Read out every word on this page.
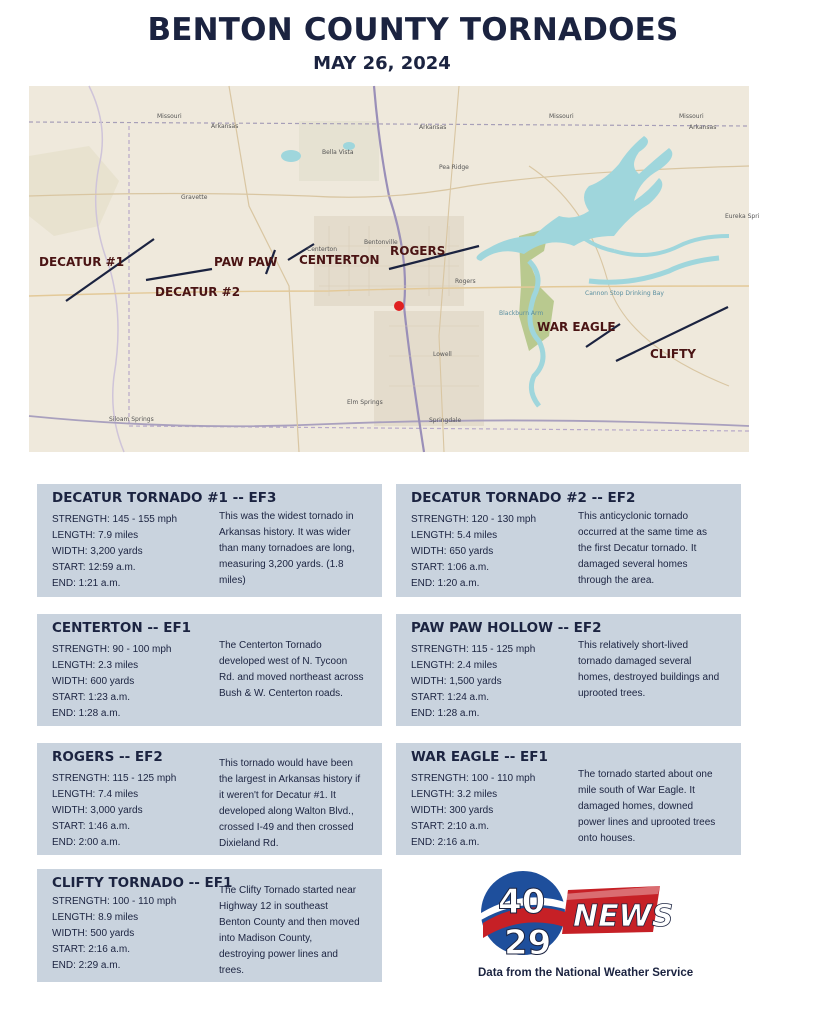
BENTON COUNTY TORNADOES
MAY 26, 2024
Missouri	Missouri	Missouri
Arkansas	Arkansas	Arkansas
Bella Vista
Pea Ridge
Gravette
Bentonville
Centerton
Rogers
Lowell
Elm Springs
Springdale
Siloam Springs
Eureka Spri
Cannon Stop Drinking Bay
Blackburn Arm
DECATUR #1
DECATUR #2
PAW PAW CENTERTON
ROGERS
WAR EAGLE
CLIFTY
DECATUR TORNADO #1 -- EF3
STRENGTH: 145 - 155 mph
LENGTH: 7.9 miles
WIDTH: 3,200 yards
START: 12:59 a.m.
END: 1:21 a.m.
This was the widest tornado in
Arkansas history. It was wider
than many tornadoes are long,
measuring 3,200 yards. (1.8
miles)
DECATUR TORNADO #2 -- EF2
STRENGTH: 120 - 130 mph
LENGTH: 5.4 miles
WIDTH: 650 yards
START: 1:06 a.m.
END: 1:20 a.m.
This anticyclonic tornado
occurred at the same time as
the first Decatur tornado. It
damaged several homes
through the area.
CENTERTON -- EF1
STRENGTH: 90 - 100 mph
LENGTH: 2.3 miles
WIDTH: 600 yards
START: 1:23 a.m.
END: 1:28 a.m.
The Centerton Tornado
developed west of N. Tycoon
Rd. and moved northeast across
Bush & W. Centerton roads.
PAW PAW HOLLOW -- EF2
STRENGTH: 115 - 125 mph
LENGTH: 2.4 miles
WIDTH: 1,500 yards
START: 1:24 a.m.
END: 1:28 a.m.
This relatively short-lived
tornado damaged several
homes, destroyed buildings and
uprooted trees.
ROGERS -- EF2
STRENGTH: 115 - 125 mph
LENGTH: 7.4 miles
WIDTH: 3,000 yards
START: 1:46 a.m.
END: 2:00 a.m.
This tornado would have been
the largest in Arkansas history if
it weren't for Decatur #1. It
developed along Walton Blvd.,
crossed I-49 and then crossed
Dixieland Rd.
WAR EAGLE -- EF1
STRENGTH: 100 - 110 mph
LENGTH: 3.2 miles
WIDTH: 300 yards
START: 2:10 a.m.
END: 2:16 a.m.
The tornado started about one
mile south of War Eagle. It
damaged homes, downed
power lines and uprooted trees
onto houses.
CLIFTY TORNADO -- EF1
STRENGTH: 100 - 110 mph
LENGTH: 8.9 miles
WIDTH: 500 yards
START: 2:16 a.m.
END: 2:29 a.m.
The Clifty Tornado started near
Highway 12 in southeast
Benton County and then moved
into Madison County,
destroying power lines and
trees.
40
29
NEWS
Data from the National Weather Service
